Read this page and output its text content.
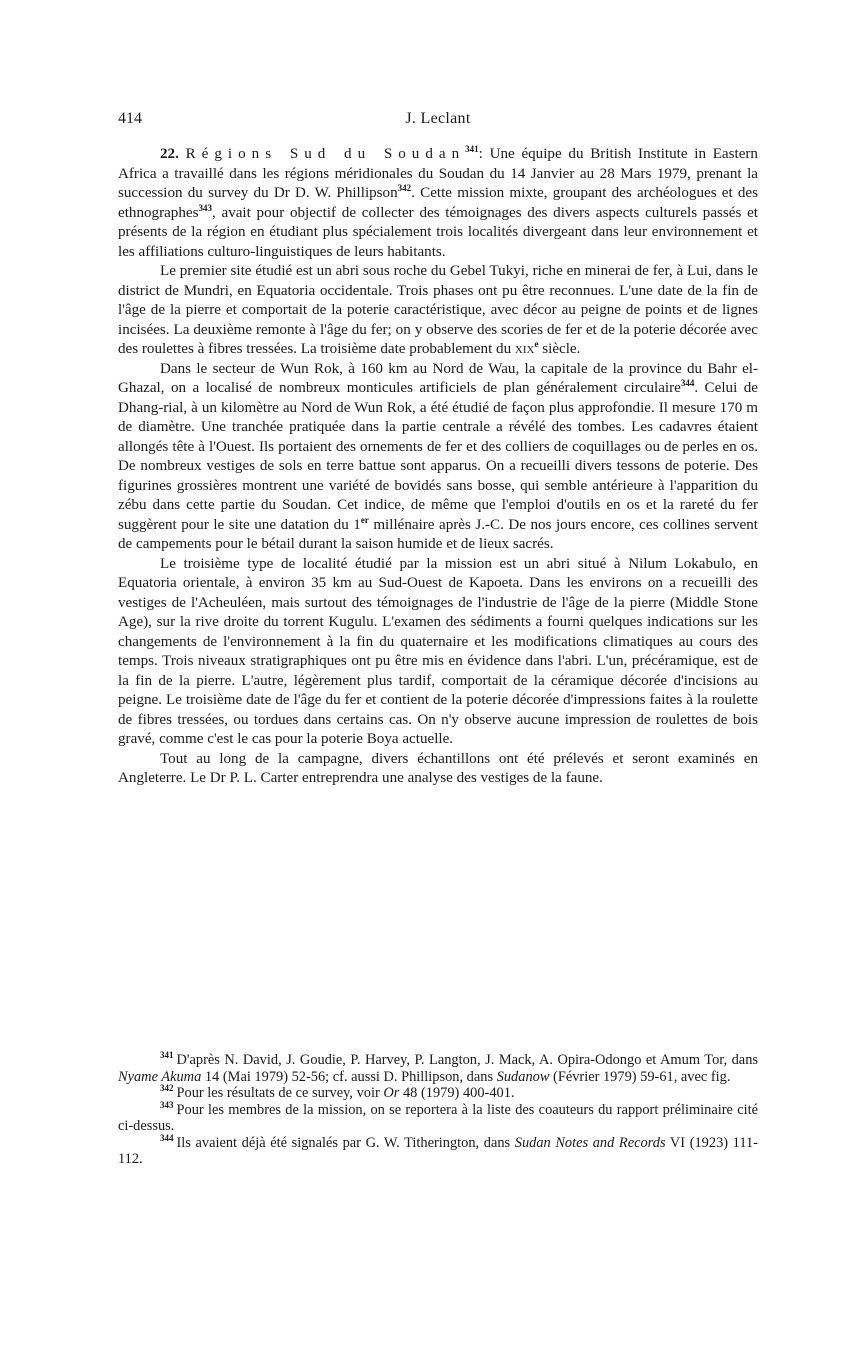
414	J. Leclant

22. Régions Sud du Soudan$^{341}$: Une équipe du British Institute in Eastern Africa a travaillé dans les régions méridionales du Soudan du 14 Janvier au 28 Mars 1979, prenant la succession du survey du Dr D. W. Phillipson$^{342}$. Cette mission mixte, groupant des archéologues et des ethnographes$^{343}$, avait pour objectif de collecter des témoignages des divers aspects culturels passés et présents de la région en étudiant plus spécialement trois localités divergeant dans leur environnement et les affiliations culturo-linguistiques de leurs habitants.

Le premier site étudié est un abri sous roche du Gebel Tukyi, riche en minerai de fer, à Lui, dans le district de Mundri, en Equatoria occidentale. Trois phases ont pu être reconnues. L'une date de la fin de l'âge de la pierre et comportait de la poterie caractéristique, avec décor au peigne de points et de lignes incisées. La deuxième remonte à l'âge du fer; on y observe des scories de fer et de la poterie décorée avec des roulettes à fibres tressées. La troisième date probablement du xix$^e$ siècle.

Dans le secteur de Wun Rok, à 160 km au Nord de Wau, la capitale de la province du Bahr el-Ghazal, on a localisé de nombreux monticules artificiels de plan généralement circulaire$^{344}$. Celui de Dhang-rial, à un kilomètre au Nord de Wun Rok, a été étudié de façon plus approfondie. Il mesure 170 m de diamètre. Une tranchée pratiquée dans la partie centrale a révélé des tombes. Les cadavres étaient allongés tête à l'Ouest. Ils portaient des ornements de fer et des colliers de coquillages ou de perles en os. De nombreux vestiges de sols en terre battue sont apparus. On a recueilli divers tessons de poterie. Des figurines grossières montrent une variété de bovidés sans bosse, qui semble antérieure à l'apparition du zébu dans cette partie du Soudan. Cet indice, de même que l'emploi d'outils en os et la rareté du fer suggèrent pour le site une datation du 1er millénaire après J.-C. De nos jours encore, ces collines servent de campements pour le bétail durant la saison humide et de lieux sacrés.

Le troisième type de localité étudié par la mission est un abri situé à Nilum Lokabulo, en Equatoria orientale, à environ 35 km au Sud-Ouest de Kapoeta. Dans les environs on a recueilli des vestiges de l'Acheuléen, mais surtout des témoignages de l'industrie de l'âge de la pierre (Middle Stone Age), sur la rive droite du torrent Kugulu. L'examen des sédiments a fourni quelques indications sur les changements de l'environnement à la fin du quaternaire et les modifications climatiques au cours des temps. Trois niveaux stratigraphiques ont pu être mis en évidence dans l'abri. L'un, précéramique, est de la fin de la pierre. L'autre, légèrement plus tardif, comportait de la céramique décorée d'incisions au peigne. Le troisième date de l'âge du fer et contient de la poterie décorée d'impressions faites à la roulette de fibres tressées, ou tordues dans certains cas. On n'y observe aucune impression de roulettes de bois gravé, comme c'est le cas pour la poterie Boya actuelle.

Tout au long de la campagne, divers échantillons ont été prélevés et seront examinés en Angleterre. Le Dr P. L. Carter entreprendra une analyse des vestiges de la faune.

$^{341}$ D'après N. David, J. Goudie, P. Harvey, P. Langton, J. Mack, A. Opira-Odongo et Amum Tor, dans Nyame Akuma 14 (Mai 1979) 52-56; cf. aussi D. Phillipson, dans Sudanow (Février 1979) 59-61, avec fig.

$^{342}$ Pour les résultats de ce survey, voir Or 48 (1979) 400-401.

$^{343}$ Pour les membres de la mission, on se reportera à la liste des coauteurs du rapport préliminaire cité ci-dessus.

$^{344}$ Ils avaient déjà été signalés par G. W. Titherington, dans Sudan Notes and Records VI (1923) 111-112.
